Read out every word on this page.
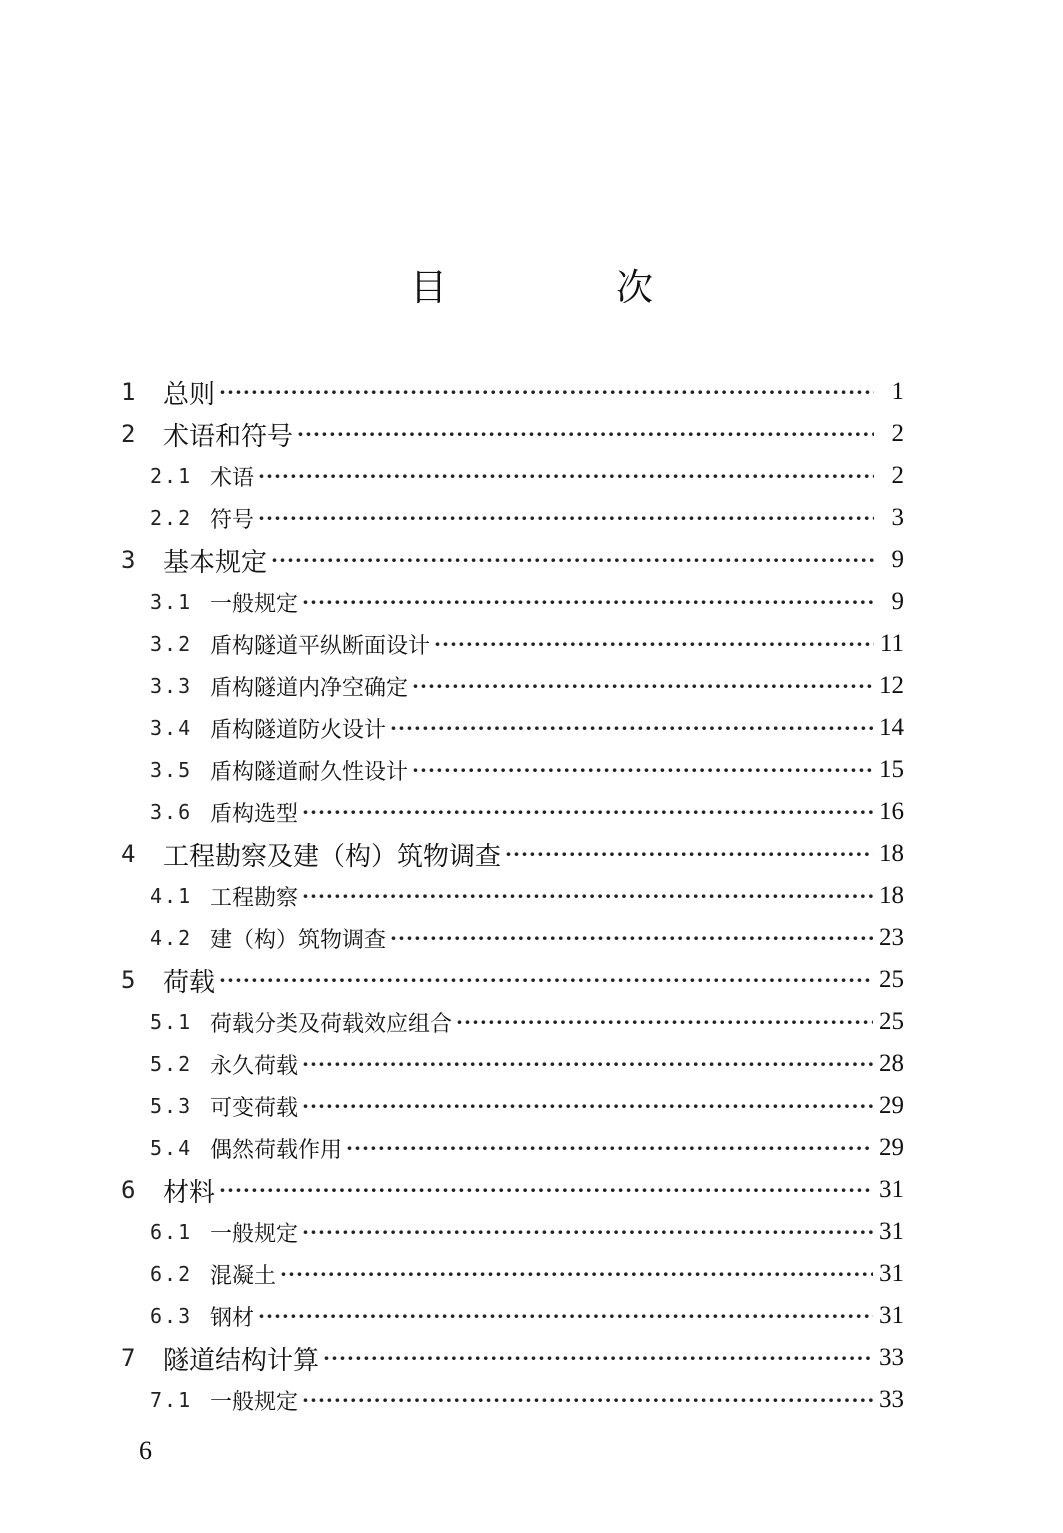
目　次
1	总则 ·····	1
2	术语和符号 ·····	2
2.1 术语 ·····	2
2.2 符号 ·····	3
3	基本规定 ·····	9
3.1 一般规定 ·····	9
3.2 盾构隧道平纵断面设计 ·····	11
3.3 盾构隧道内净空确定 ·····	12
3.4 盾构隧道防火设计 ·····	14
3.5 盾构隧道耐久性设计 ·····	15
3.6 盾构选型 ·····	16
4	工程勘察及建（构）筑物调查 ·····	18
4.1 工程勘察 ·····	18
4.2 建（构）筑物调查 ·····	23
5	荷载 ·····	25
5.1 荷载分类及荷载效应组合 ·····	25
5.2 永久荷载 ·····	28
5.3 可变荷载 ·····	29
5.4 偶然荷载作用 ·····	29
6	材料 ·····	31
6.1 一般规定 ·····	31
6.2 混凝土 ·····	31
6.3 钢材 ·····	31
7	隧道结构计算 ·····	33
7.1 一般规定 ·····	33
6
